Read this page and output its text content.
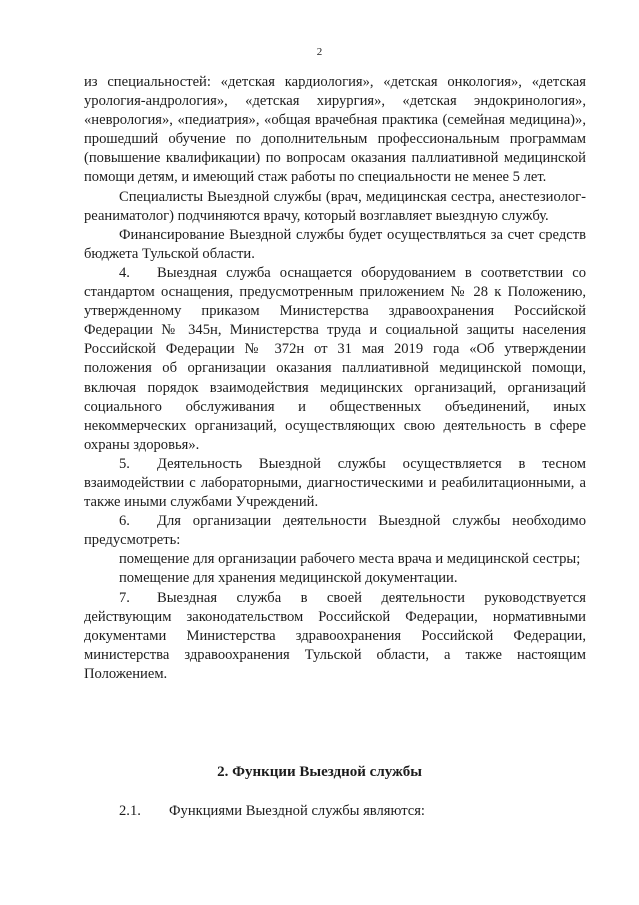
2

из специальностей: «детская кардиология», «детская онкология», «детская урология-андрология», «детская хирургия», «детская эндокринология», «неврология», «педиатрия», «общая врачебная практика (семейная медицина)», прошедший обучение по дополнительным профессиональным программам (повышение квалификации) по вопросам оказания паллиативной медицинской помощи детям, и имеющий стаж работы по специальности не менее 5 лет.

Специалисты Выездной службы (врач, медицинская сестра, анестезиолог-реаниматолог) подчиняются врачу, который возглавляет выездную службу.

Финансирование Выездной службы будет осуществляться за счет средств бюджета Тульской области.

4. Выездная служба оснащается оборудованием в соответствии со стандартом оснащения, предусмотренным приложением № 28 к Положению, утвержденному приказом Министерства здравоохранения Российской Федерации № 345н, Министерства труда и социальной защиты населения Российской Федерации № 372н от 31 мая 2019 года «Об утверждении положения об организации оказания паллиативной медицинской помощи, включая порядок взаимодействия медицинских организаций, организаций социального обслуживания и общественных объединений, иных некоммерческих организаций, осуществляющих свою деятельность в сфере охраны здоровья».

5. Деятельность Выездной службы осуществляется в тесном взаимодействии с лабораторными, диагностическими и реабилитационными, а также иными службами Учреждений.

6. Для организации деятельности Выездной службы необходимо предусмотреть:

помещение для организации рабочего места врача и медицинской сестры;

помещение для хранения медицинской документации.

7. Выездная служба в своей деятельности руководствуется действующим законодательством Российской Федерации, нормативными документами Министерства здравоохранения Российской Федерации, министерства здравоохранения Тульской области, а также настоящим Положением.

2. Функции Выездной службы
2.1. Функциями Выездной службы являются:
